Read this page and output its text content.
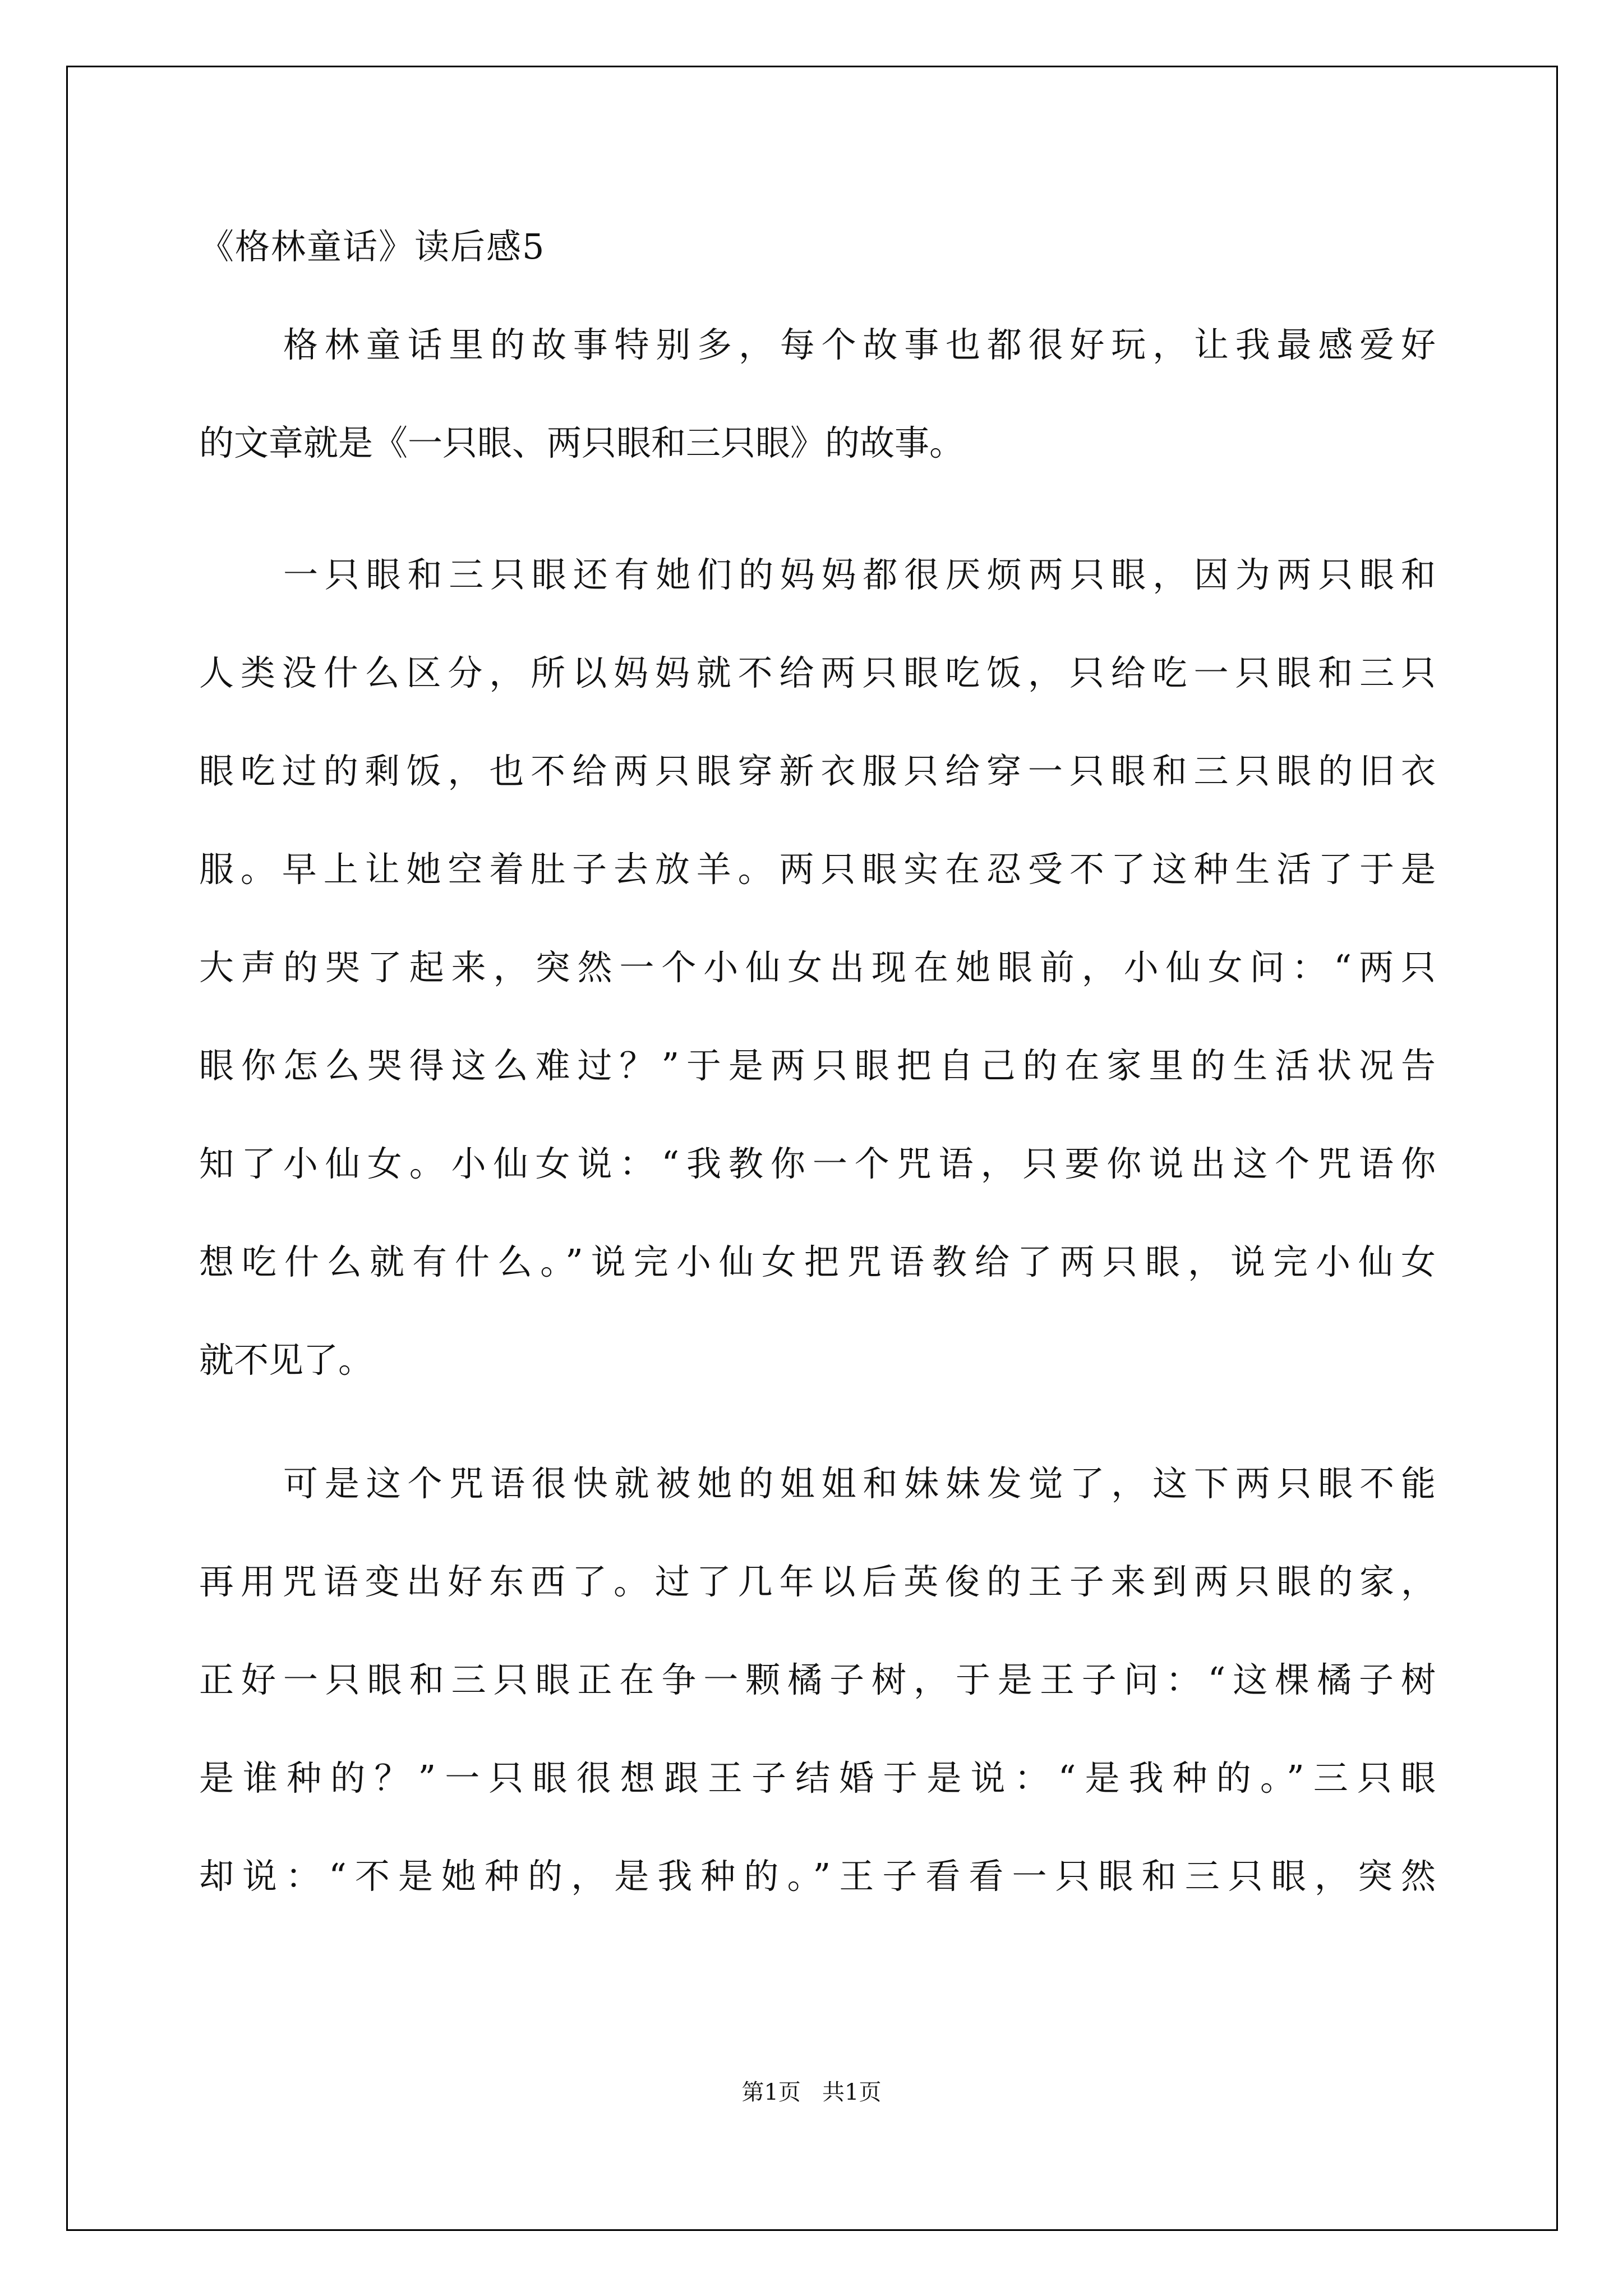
《格林童话》读后感5
格林童话里的故事特别多，每个故事也都很好玩，让我最感爱好
的文章就是《一只眼、两只眼和三只眼》的故事。
一只眼和三只眼还有她们的妈妈都很厌烦两只眼，因为两只眼和
人类没什么区分，所以妈妈就不给两只眼吃饭，只给吃一只眼和三只
眼吃过的剩饭，也不给两只眼穿新衣服只给穿一只眼和三只眼的旧衣
服。早上让她空着肚子去放羊。两只眼实在忍受不了这种生活了于是
大声的哭了起来，突然一个小仙女出现在她眼前，小仙女问：“两只
眼你怎么哭得这么难过？”于是两只眼把自己的在家里的生活状况告
知了小仙女。小仙女说：“我教你一个咒语，只要你说出这个咒语你
想吃什么就有什么。”说完小仙女把咒语教给了两只眼，说完小仙女
就不见了。
可是这个咒语很快就被她的姐姐和妹妹发觉了，这下两只眼不能
再用咒语变出好东西了。过了几年以后英俊的王子来到两只眼的家，
正好一只眼和三只眼正在争一颗橘子树，于是王子问：“这棵橘子树
是谁种的？”一只眼很想跟王子结婚于是说：“是我种的。”三只眼
却说：“不是她种的，是我种的。”王子看看一只眼和三只眼，突然
第1页   共1页
